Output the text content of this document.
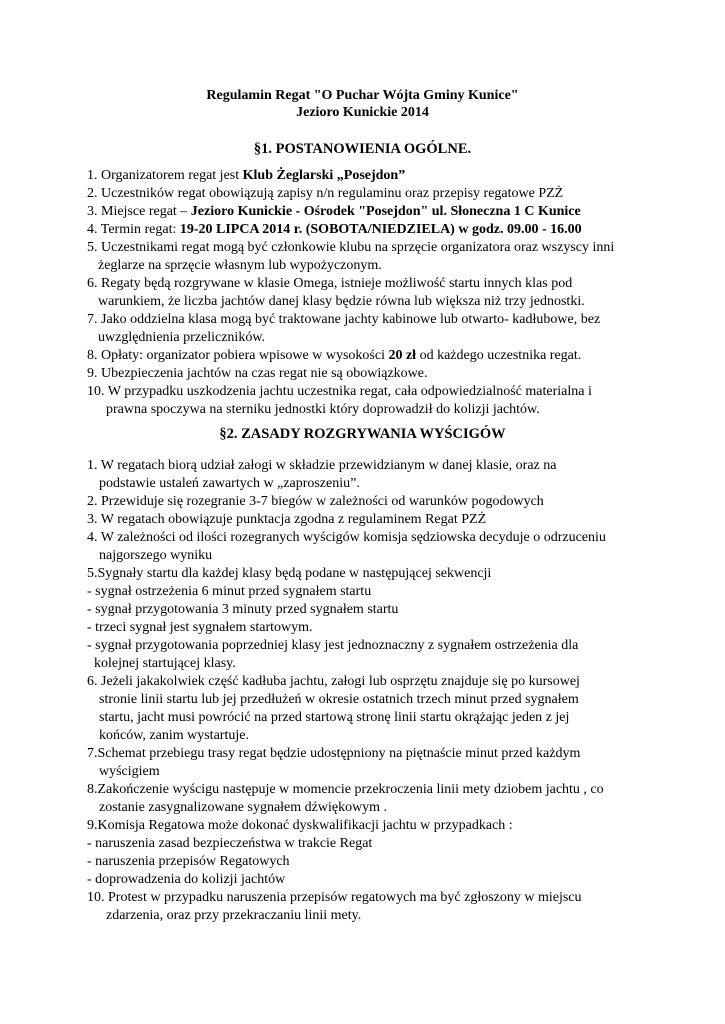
Regulamin Regat "O Puchar Wójta Gminy Kunice"
Jezioro Kunickie 2014
§1. POSTANOWIENIA OGÓLNE.
1. Organizatorem regat jest Klub Żeglarski „Posejdon”
2. Uczestników regat obowiązują zapisy n/n regulaminu oraz przepisy regatowe PZŻ
3. Miejsce regat – Jezioro Kunickie - Ośrodek "Posejdon" ul. Słoneczna 1 C Kunice
4. Termin regat: 19-20 LIPCA 2014 r. (SOBOTA/NIEDZIELA) w godz. 09.00 - 16.00
5. Uczestnikami regat mogą być członkowie klubu na sprzęcie organizatora oraz wszyscy inni
żeglarze na sprzęcie własnym lub wypożyczonym.
6. Regaty będą rozgrywane w klasie Omega, istnieje możliwość startu innych klas pod
warunkiem, że liczba jachtów danej klasy będzie równa lub większa niż trzy jednostki.
7. Jako oddzielna klasa mogą być traktowane jachty kabinowe lub otwarto- kadłubowe, bez
uwzględnienia przeliczników.
8. Opłaty: organizator pobiera wpisowe w wysokości 20 zł od każdego uczestnika regat.
9. Ubezpieczenia jachtów na czas regat nie są obowiązkowe.
10. W przypadku uszkodzenia jachtu uczestnika regat, cała odpowiedzialność materialna i
prawna spoczywa na sterniku jednostki który doprowadził do kolizji jachtów.
§2. ZASADY ROZGRYWANIA WYŚCIGÓW
1. W regatach biorą udział załogi w składzie przewidzianym w danej klasie, oraz na
podstawie ustaleń zawartych w „zaproszeniu”.
2. Przewiduje się rozegranie 3-7 biegów w zależności od warunków pogodowych
3. W regatach obowiązuje punktacja zgodna z regulaminem Regat PZŻ
4. W zależności od ilości rozegranych wyścigów komisja sędziowska decyduje o odrzuceniu
najgorszego wyniku
5.Sygnały startu dla każdej klasy będą podane w następującej sekwencji
- sygnał ostrzeżenia 6 minut przed sygnałem startu
- sygnał przygotowania 3 minuty przed sygnałem startu
- trzeci sygnał jest sygnałem startowym.
- sygnał przygotowania poprzedniej klasy jest jednoznaczny z sygnałem ostrzeżenia dla
kolejnej startującej klasy.
6. Jeżeli jakakolwiek część kadłuba jachtu, załogi lub osprzętu znajduje się po kursowej
stronie linii startu lub jej przedłużeń w okresie ostatnich trzech minut przed sygnałem
startu, jacht musi powrócić na przed startową stronę linii startu okrążając jeden z jej
końców, zanim wystartuje.
7.Schemat przebiegu trasy regat będzie udostępniony na piętnaście minut przed każdym
wyścigiem
8.Zakończenie wyścigu następuje w momencie przekroczenia linii mety dziobem jachtu , co
zostanie zasygnalizowane sygnałem dźwiękowym .
9.Komisja Regatowa może dokonać dyskwalifikacji jachtu w przypadkach :
- naruszenia zasad bezpieczeństwa w trakcie Regat
- naruszenia przepisów Regatowych
- doprowadzenia do kolizji jachtów
10. Protest w przypadku naruszenia przepisów regatowych ma być zgłoszony w miejscu
zdarzenia, oraz przy przekraczaniu linii mety.
